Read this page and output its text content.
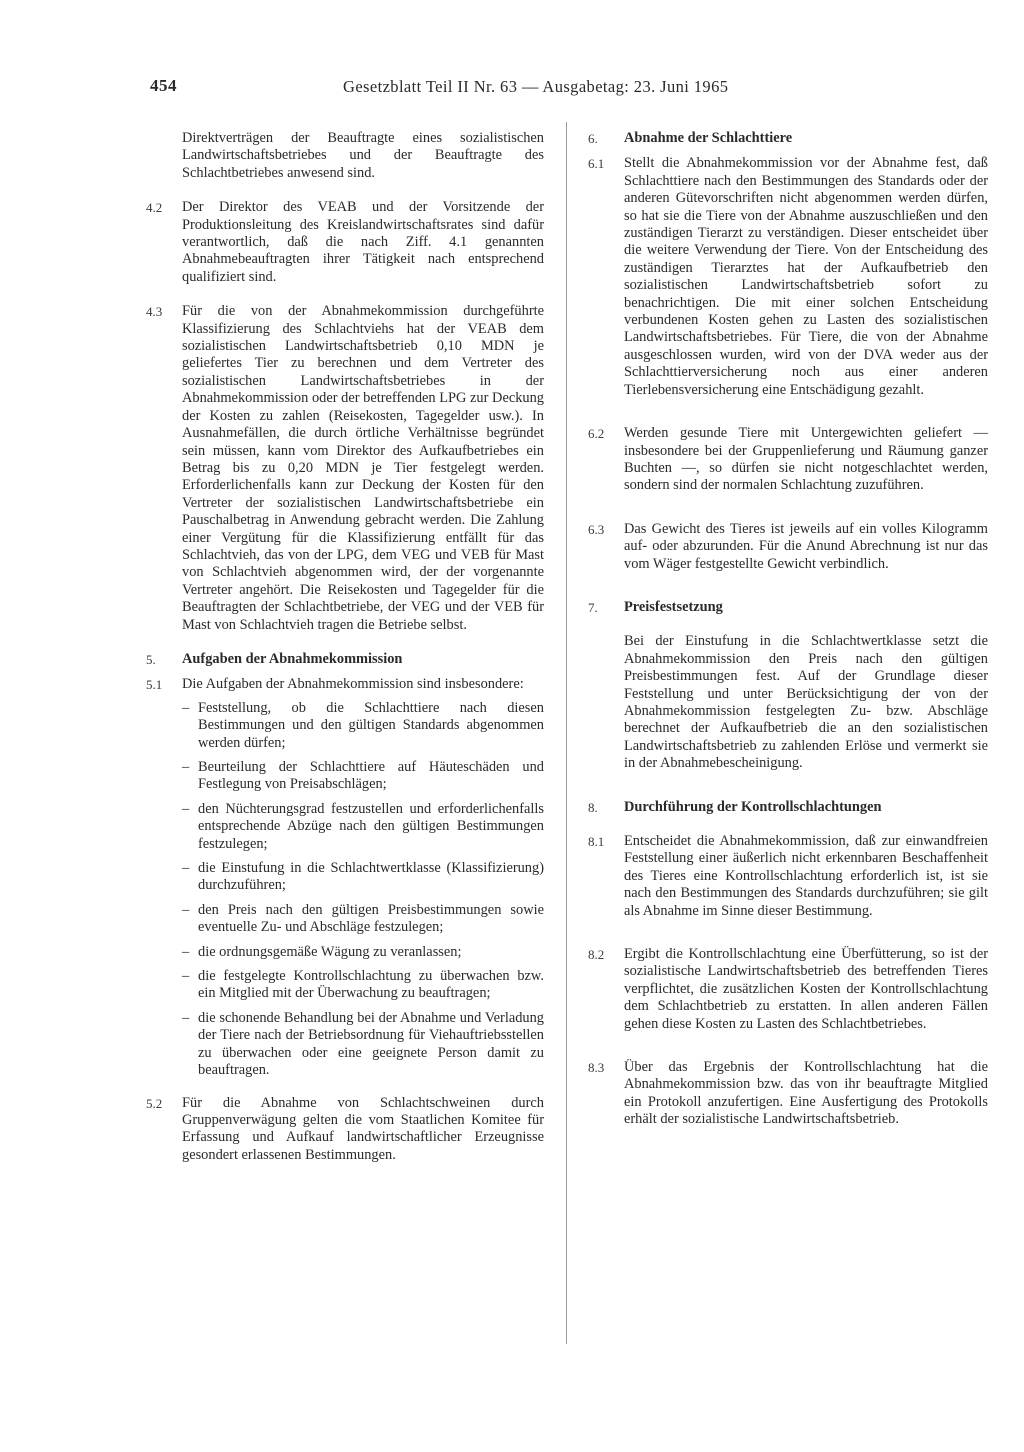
454	Gesetzblatt Teil II Nr. 63 — Ausgabetag: 23. Juni 1965
Direktverträgen der Beauftragte eines sozialistischen Landwirtschaftsbetriebes und der Beauftragte des Schlachtbetriebes anwesend sind.
4.2	Der Direktor des VEAB und der Vorsitzende der Produktionsleitung des Kreislandwirtschaftsrates sind dafür verantwortlich, daß die nach Ziff. 4.1 genannten Abnahmebeauftragten ihrer Tätigkeit nach entsprechend qualifiziert sind.
4.3	Für die von der Abnahmekommission durchgeführte Klassifizierung des Schlachtviehs hat der VEAB dem sozialistischen Landwirtschaftsbetrieb 0,10 MDN je geliefertes Tier zu berechnen und dem Vertreter des sozialistischen Landwirtschaftsbetriebes in der Abnahmekommission oder der betreffenden LPG zur Deckung der Kosten zu zahlen (Reisekosten, Tagegelder usw.). In Ausnahmefällen, die durch örtliche Verhältnisse begründet sein müssen, kann vom Direktor des Aufkaufbetriebes ein Betrag bis zu 0,20 MDN je Tier festgelegt werden. Erforderlichenfalls kann zur Deckung der Kosten für den Vertreter der sozialistischen Landwirtschaftsbetriebe ein Pauschalbetrag in Anwendung gebracht werden. Die Zahlung einer Vergütung für die Klassifizierung entfällt für das Schlachtvieh, das von der LPG, dem VEG und VEB für Mast von Schlachtvieh abgenommen wird, der der vorgenannte Vertreter angehört. Die Reisekosten und Tagegelder für die Beauftragten der Schlachtbetriebe, der VEG und der VEB für Mast von Schlachtvieh tragen die Betriebe selbst.
5.	Aufgaben der Abnahmekommission
5.1	Die Aufgaben der Abnahmekommission sind insbesondere:
– Feststellung, ob die Schlachttiere nach diesen Bestimmungen und den gültigen Standards abgenommen werden dürfen;
– Beurteilung der Schlachttiere auf Häuteschäden und Festlegung von Preisabschlägen;
– den Nüchterungsgrad festzustellen und erforderlichenfalls entsprechende Abzüge nach den gültigen Bestimmungen festzulegen;
– die Einstufung in die Schlachtwertklasse (Klassifizierung) durchzuführen;
– den Preis nach den gültigen Preisbestimmungen sowie eventuelle Zu- und Abschläge festzulegen;
– die ordnungsgemäße Wägung zu veranlassen;
– die festgelegte Kontrollschlachtung zu überwachen bzw. ein Mitglied mit der Überwachung zu beauftragen;
– die schonende Behandlung bei der Abnahme und Verladung der Tiere nach der Betriebsordnung für Viehauftriebsstellen zu überwachen oder eine geeignete Person damit zu beauftragen.
5.2	Für die Abnahme von Schlachtschweinen durch Gruppenverwägung gelten die vom Staatlichen Komitee für Erfassung und Aufkauf landwirtschaftlicher Erzeugnisse gesondert erlassenen Bestimmungen.
6.	Abnahme der Schlachttiere
6.1	Stellt die Abnahmekommission vor der Abnahme fest, daß Schlachttiere nach den Bestimmungen des Standards oder der anderen Gütevorschriften nicht abgenommen werden dürfen, so hat sie die Tiere von der Abnahme auszuschließen und den zuständigen Tierarzt zu verständigen. Dieser entscheidet über die weitere Verwendung der Tiere. Von der Entscheidung des zuständigen Tierarztes hat der Aufkaufbetrieb den sozialistischen Landwirtschaftsbetrieb sofort zu benachrichtigen. Die mit einer solchen Entscheidung verbundenen Kosten gehen zu Lasten des sozialistischen Landwirtschaftsbetriebes. Für Tiere, die von der Abnahme ausgeschlossen wurden, wird von der DVA weder aus der Schlachttierversicherung noch aus einer anderen Tierlebensversicherung eine Entschädigung gezahlt.
6.2	Werden gesunde Tiere mit Untergewichten geliefert — insbesondere bei der Gruppenlieferung und Räumung ganzer Buchten —, so dürfen sie nicht notgeschlachtet werden, sondern sind der normalen Schlachtung zuzuführen.
6.3	Das Gewicht des Tieres ist jeweils auf ein volles Kilogramm auf- oder abzurunden. Für die Anund Abrechnung ist nur das vom Wäger festgestellte Gewicht verbindlich.
7.	Preisfestsetzung
Bei der Einstufung in die Schlachtwertklasse setzt die Abnahmekommission den Preis nach den gültigen Preisbestimmungen fest. Auf der Grundlage dieser Feststellung und unter Berücksichtigung der von der Abnahmekommission festgelegten Zu- bzw. Abschläge berechnet der Aufkaufbetrieb die an den sozialistischen Landwirtschaftsbetrieb zu zahlenden Erlöse und vermerkt sie in der Abnahmebescheinigung.
8.	Durchführung der Kontrollschlachtungen
8.1	Entscheidet die Abnahmekommission, daß zur einwandfreien Feststellung einer äußerlich nicht erkennbaren Beschaffenheit des Tieres eine Kontrollschlachtung erforderlich ist, ist sie nach den Bestimmungen des Standards durchzuführen; sie gilt als Abnahme im Sinne dieser Bestimmung.
8.2	Ergibt die Kontrollschlachtung eine Überfütterung, so ist der sozialistische Landwirtschaftsbetrieb des betreffenden Tieres verpflichtet, die zusätzlichen Kosten der Kontrollschlachtung dem Schlachtbetrieb zu erstatten. In allen anderen Fällen gehen diese Kosten zu Lasten des Schlachtbetriebes.
8.3	Über das Ergebnis der Kontrollschlachtung hat die Abnahmekommission bzw. das von ihr beauftragte Mitglied ein Protokoll anzufertigen. Eine Ausfertigung des Protokolls erhält der sozialistische Landwirtschaftsbetrieb.
